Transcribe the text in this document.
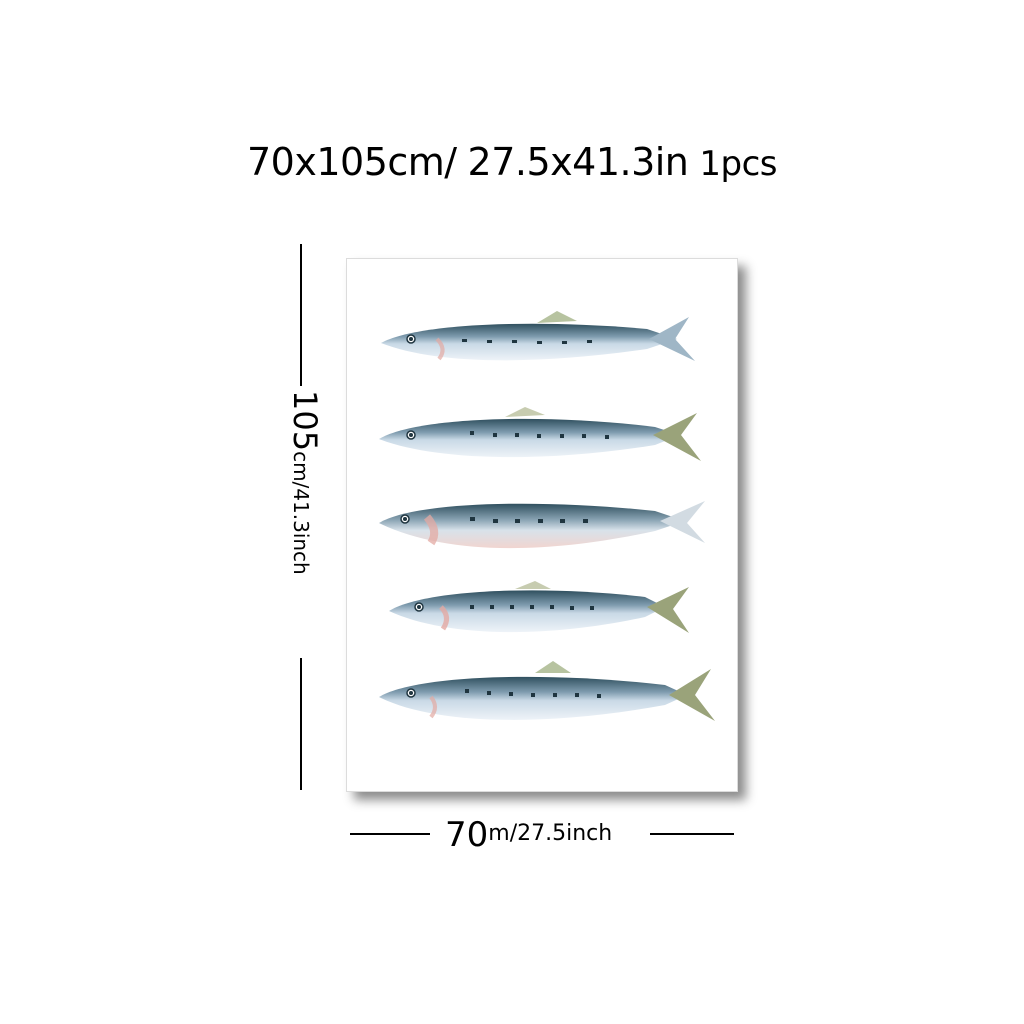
70x105cm/ 27.5x41.3in 1pcs
105cm/41.3inch
70m/27.5inch
